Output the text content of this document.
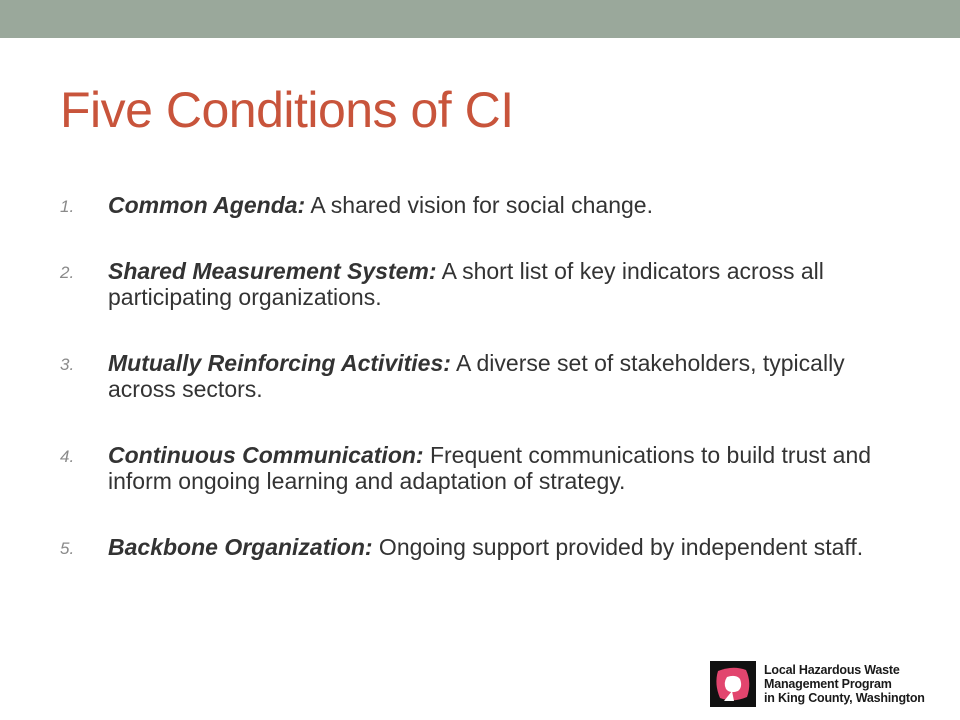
Five Conditions of CI
1. Common Agenda: A shared vision for social change.
2. Shared Measurement System: A short list of key indicators across all participating organizations.
3. Mutually Reinforcing Activities: A diverse set of stakeholders, typically across sectors.
4. Continuous Communication: Frequent communications to build trust and inform ongoing learning and adaptation of strategy.
5. Backbone Organization: Ongoing support provided by independent staff.
Local Hazardous Waste
Management Program
in King County, Washington
